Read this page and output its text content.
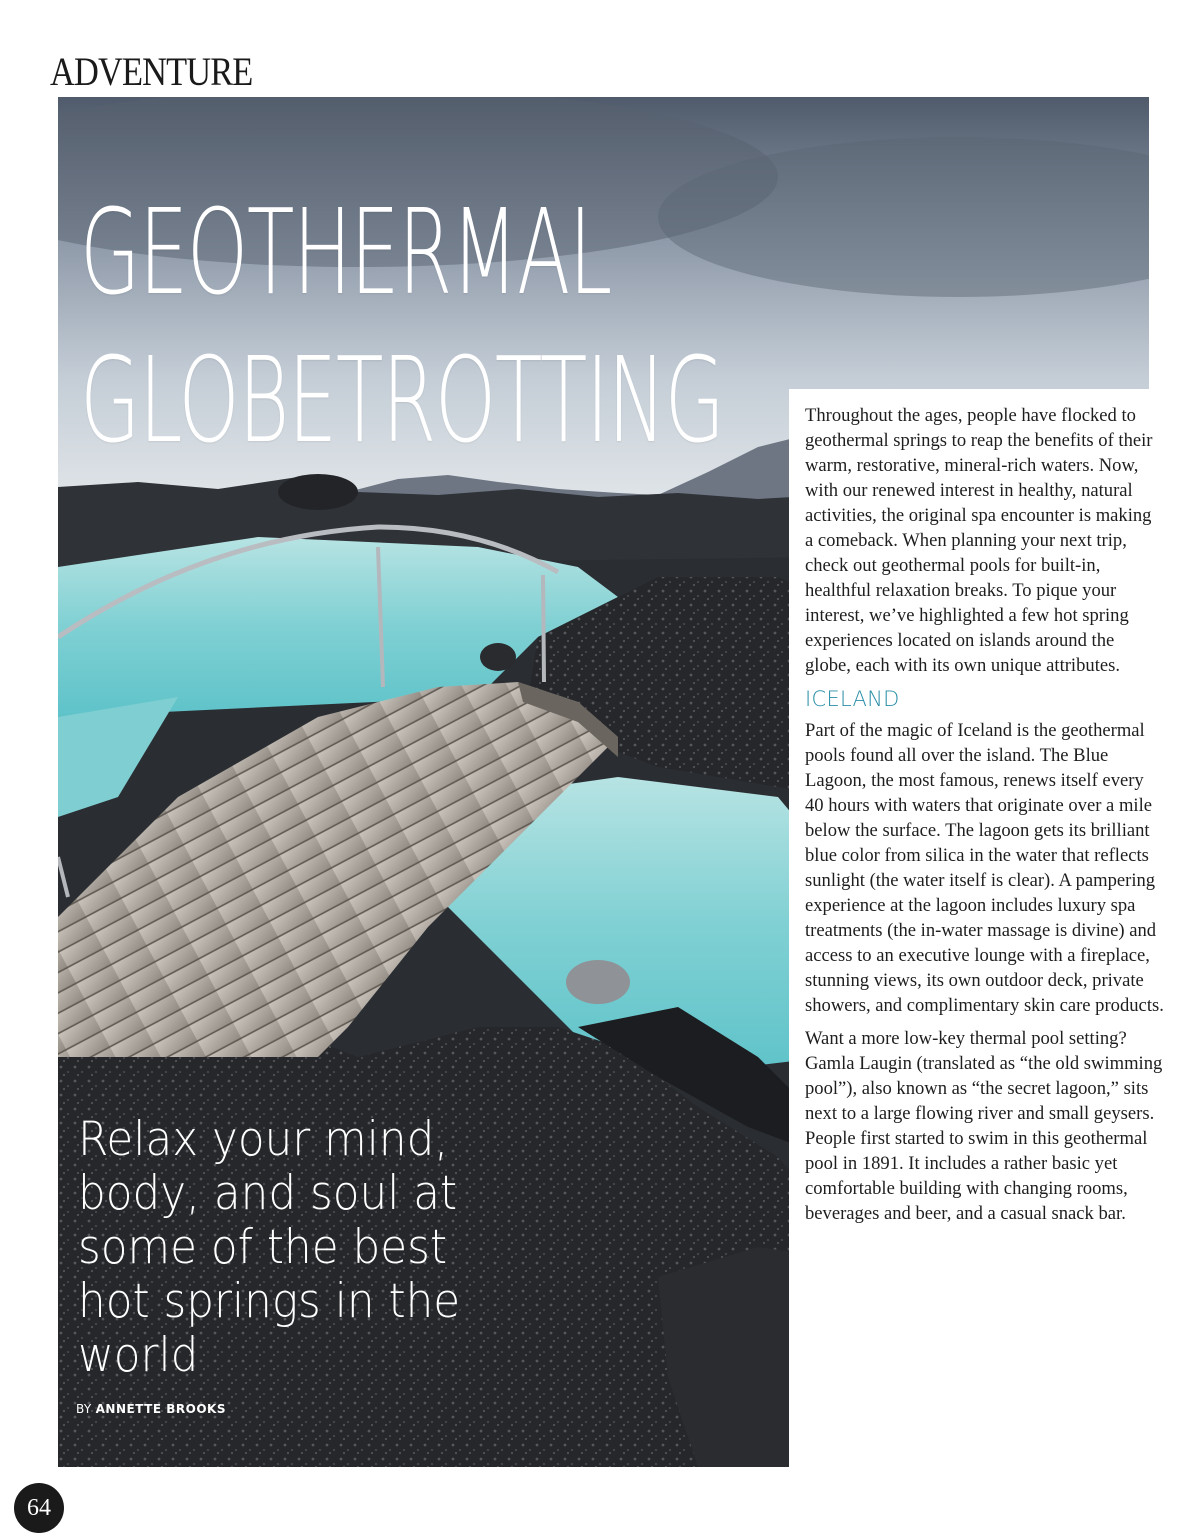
ADVENTURE
GEOTHERMAL
GLOBETROTTING
Relax your mind, body, and soul at some of the best hot springs in the world
BY ANNETTE BROOKS

Throughout the ages, people have flocked to geothermal springs to reap the benefits of their warm, restorative, mineral-rich waters. Now, with our renewed interest in healthy, natural activities, the original spa encounter is making a comeback. When planning your next trip, check out geothermal pools for built-in, healthful relaxation breaks. To pique your interest, we’ve highlighted a few hot spring experiences located on islands around the globe, each with its own unique attributes.

ICELAND

Part of the magic of Iceland is the geothermal pools found all over the island. The Blue Lagoon, the most famous, renews itself every 40 hours with waters that originate over a mile below the surface. The lagoon gets its brilliant blue color from silica in the water that reflects sunlight (the water itself is clear). A pampering experience at the lagoon includes luxury spa treatments (the in-water massage is divine) and access to an executive lounge with a fireplace, stunning views, its own outdoor deck, private showers, and complimentary skin care products.

Want a more low-key thermal pool setting? Gamla Laugin (translated as “the old swimming pool”), also known as “the secret lagoon,” sits next to a large flowing river and small geysers. People first started to swim in this geothermal pool in 1891. It includes a rather basic yet comfortable building with changing rooms, beverages and beer, and a casual snack bar.

64
